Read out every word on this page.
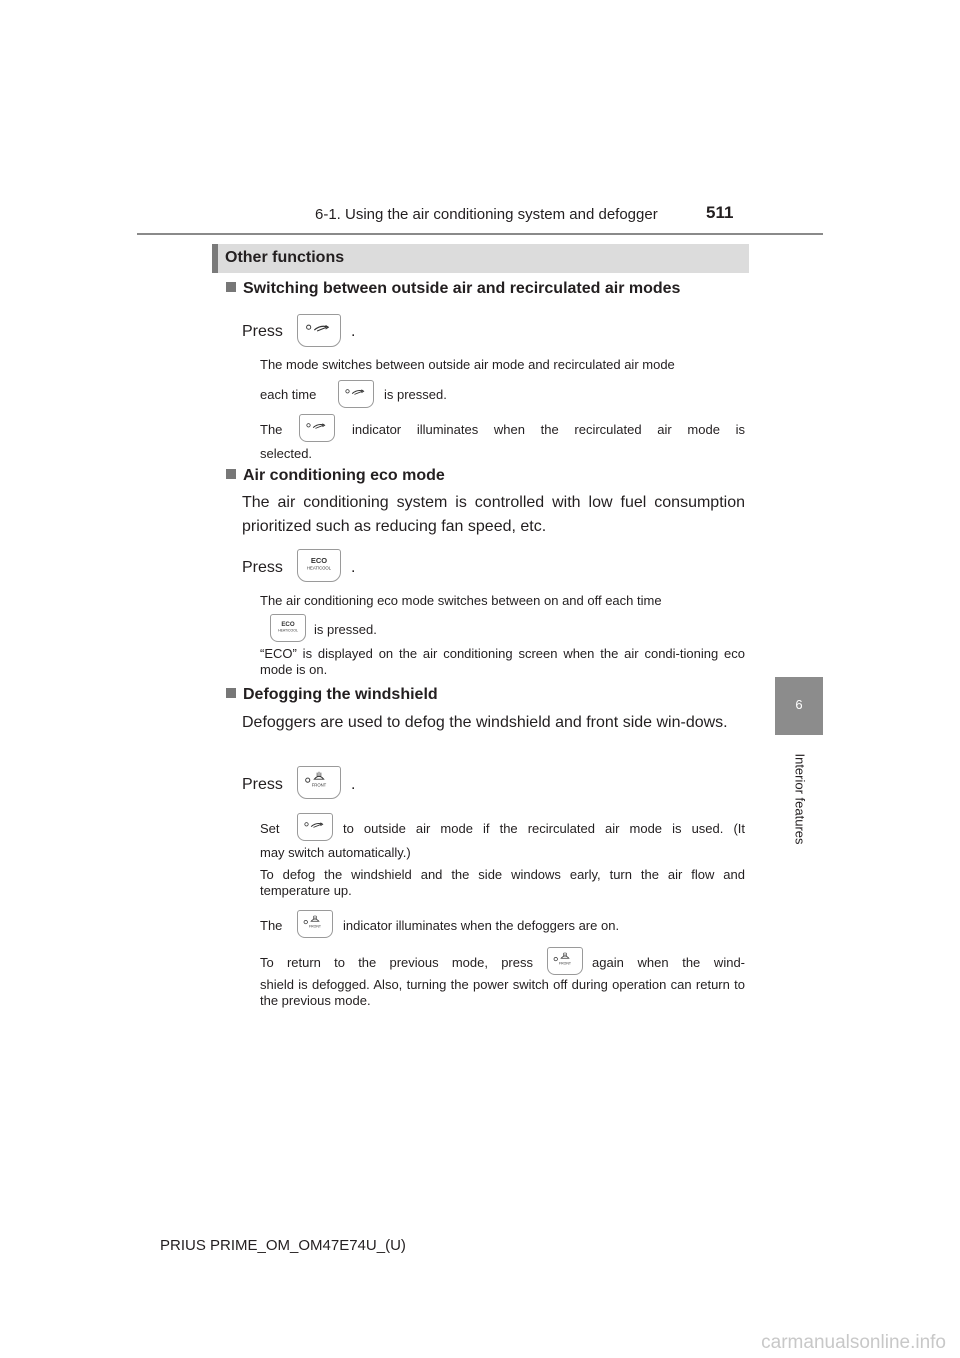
6-1. Using the air conditioning system and defogger	511
6
Interior features
Other functions
Switching between outside air and recirculated air modes
Press	.
The mode switches between outside air mode and recirculated air mode
each time	is pressed.
The	indicator illuminates when the recirculated air mode is
selected.
Air conditioning eco mode
The air conditioning system is controlled with low fuel consumption prioritized such as reducing fan speed, etc.
Press	ECO
HEAT/COOL .
The air conditioning eco mode switches between on and off each time
ECO
HEAT/COOL is pressed.
“ECO” is displayed on the air conditioning screen when the air condi-tioning eco mode is on.
Defogging the windshield
Defoggers are used to defog the windshield and front side win-dows.
Press	FRONT .
Set	to outside air mode if the recirculated air mode is used. (It
may switch automatically.)
To defog the windshield and the side windows early, turn the air flow and temperature up.
The	FRONT indicator illuminates when the defoggers are on.
To return to the previous mode, press	FRONT again when the wind-
shield is defogged. Also, turning the power switch off during operation can return to the previous mode.
PRIUS PRIME_OM_OM47E74U_(U)
carmanualsonline.info
